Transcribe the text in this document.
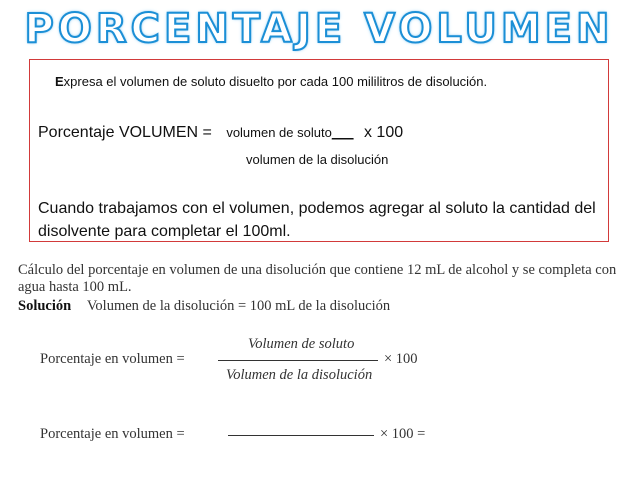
PORCENTAJE VOLUMEN
Expresa el volumen de soluto disuelto por cada 100 mililitros de disolución.
Porcentaje VOLUMEN = volumen de soluto___ x 100
volumen de la disolución
Cuando trabajamos con el volumen, podemos agregar al soluto la cantidad del disolvente para completar el 100ml.
Cálculo del porcentaje en volumen de una disolución que contiene 12 mL de alcohol y se completa con agua hasta 100 mL.
Solución Volumen de la disolución = 100 mL de la disolución
Porcentaje en volumen =
Volumen de soluto
Volumen de la disolución
× 100
Porcentaje en volumen =	× 100 =
